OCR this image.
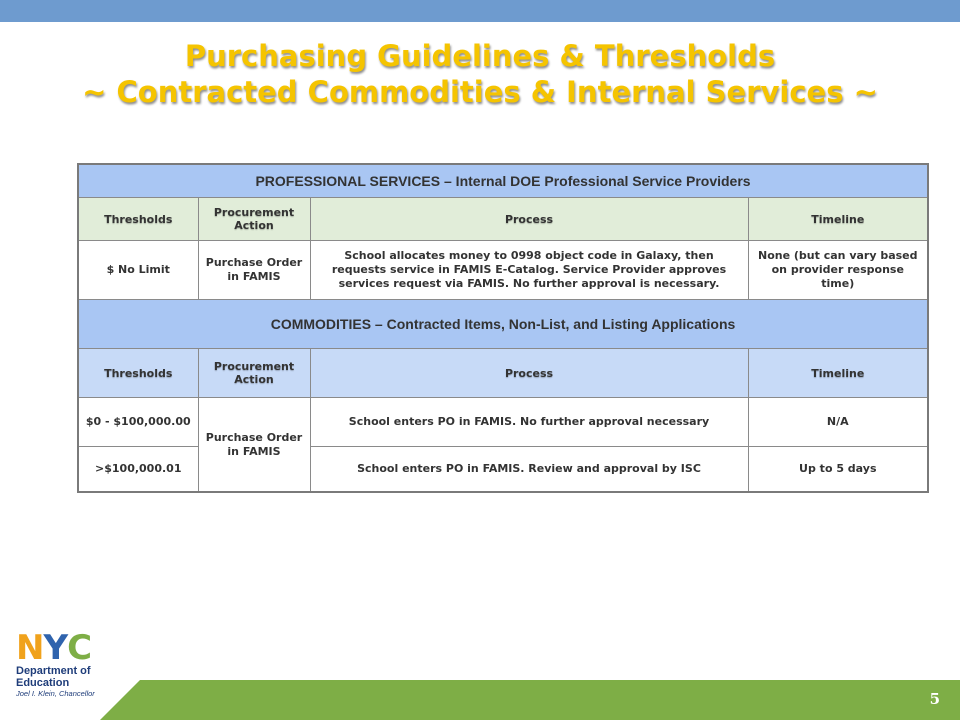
Purchasing Guidelines & Thresholds
~ Contracted Commodities & Internal Services ~
PROFESSIONAL SERVICES – Internal DOE Professional Service Providers			
Thresholds	Procurement Action	Process	Timeline
$ No Limit	Purchase Order in FAMIS	School allocates money to 0998 object code in Galaxy, then requests service in FAMIS E-Catalog. Service Provider approves services request via FAMIS. No further approval is necessary.	None (but can vary based on provider response time)
COMMODITIES – Contracted Items, Non-List, and Listing Applications			
Thresholds	Procurement Action	Process	Timeline
$0 - $100,000.00	Purchase Order in FAMIS	School enters PO in FAMIS. No further approval necessary	N/A
>$100,000.01		School enters PO in FAMIS. Review and approval by ISC	Up to 5 days
N Y C
Department of
Education
Joel I. Klein, Chancellor	5
